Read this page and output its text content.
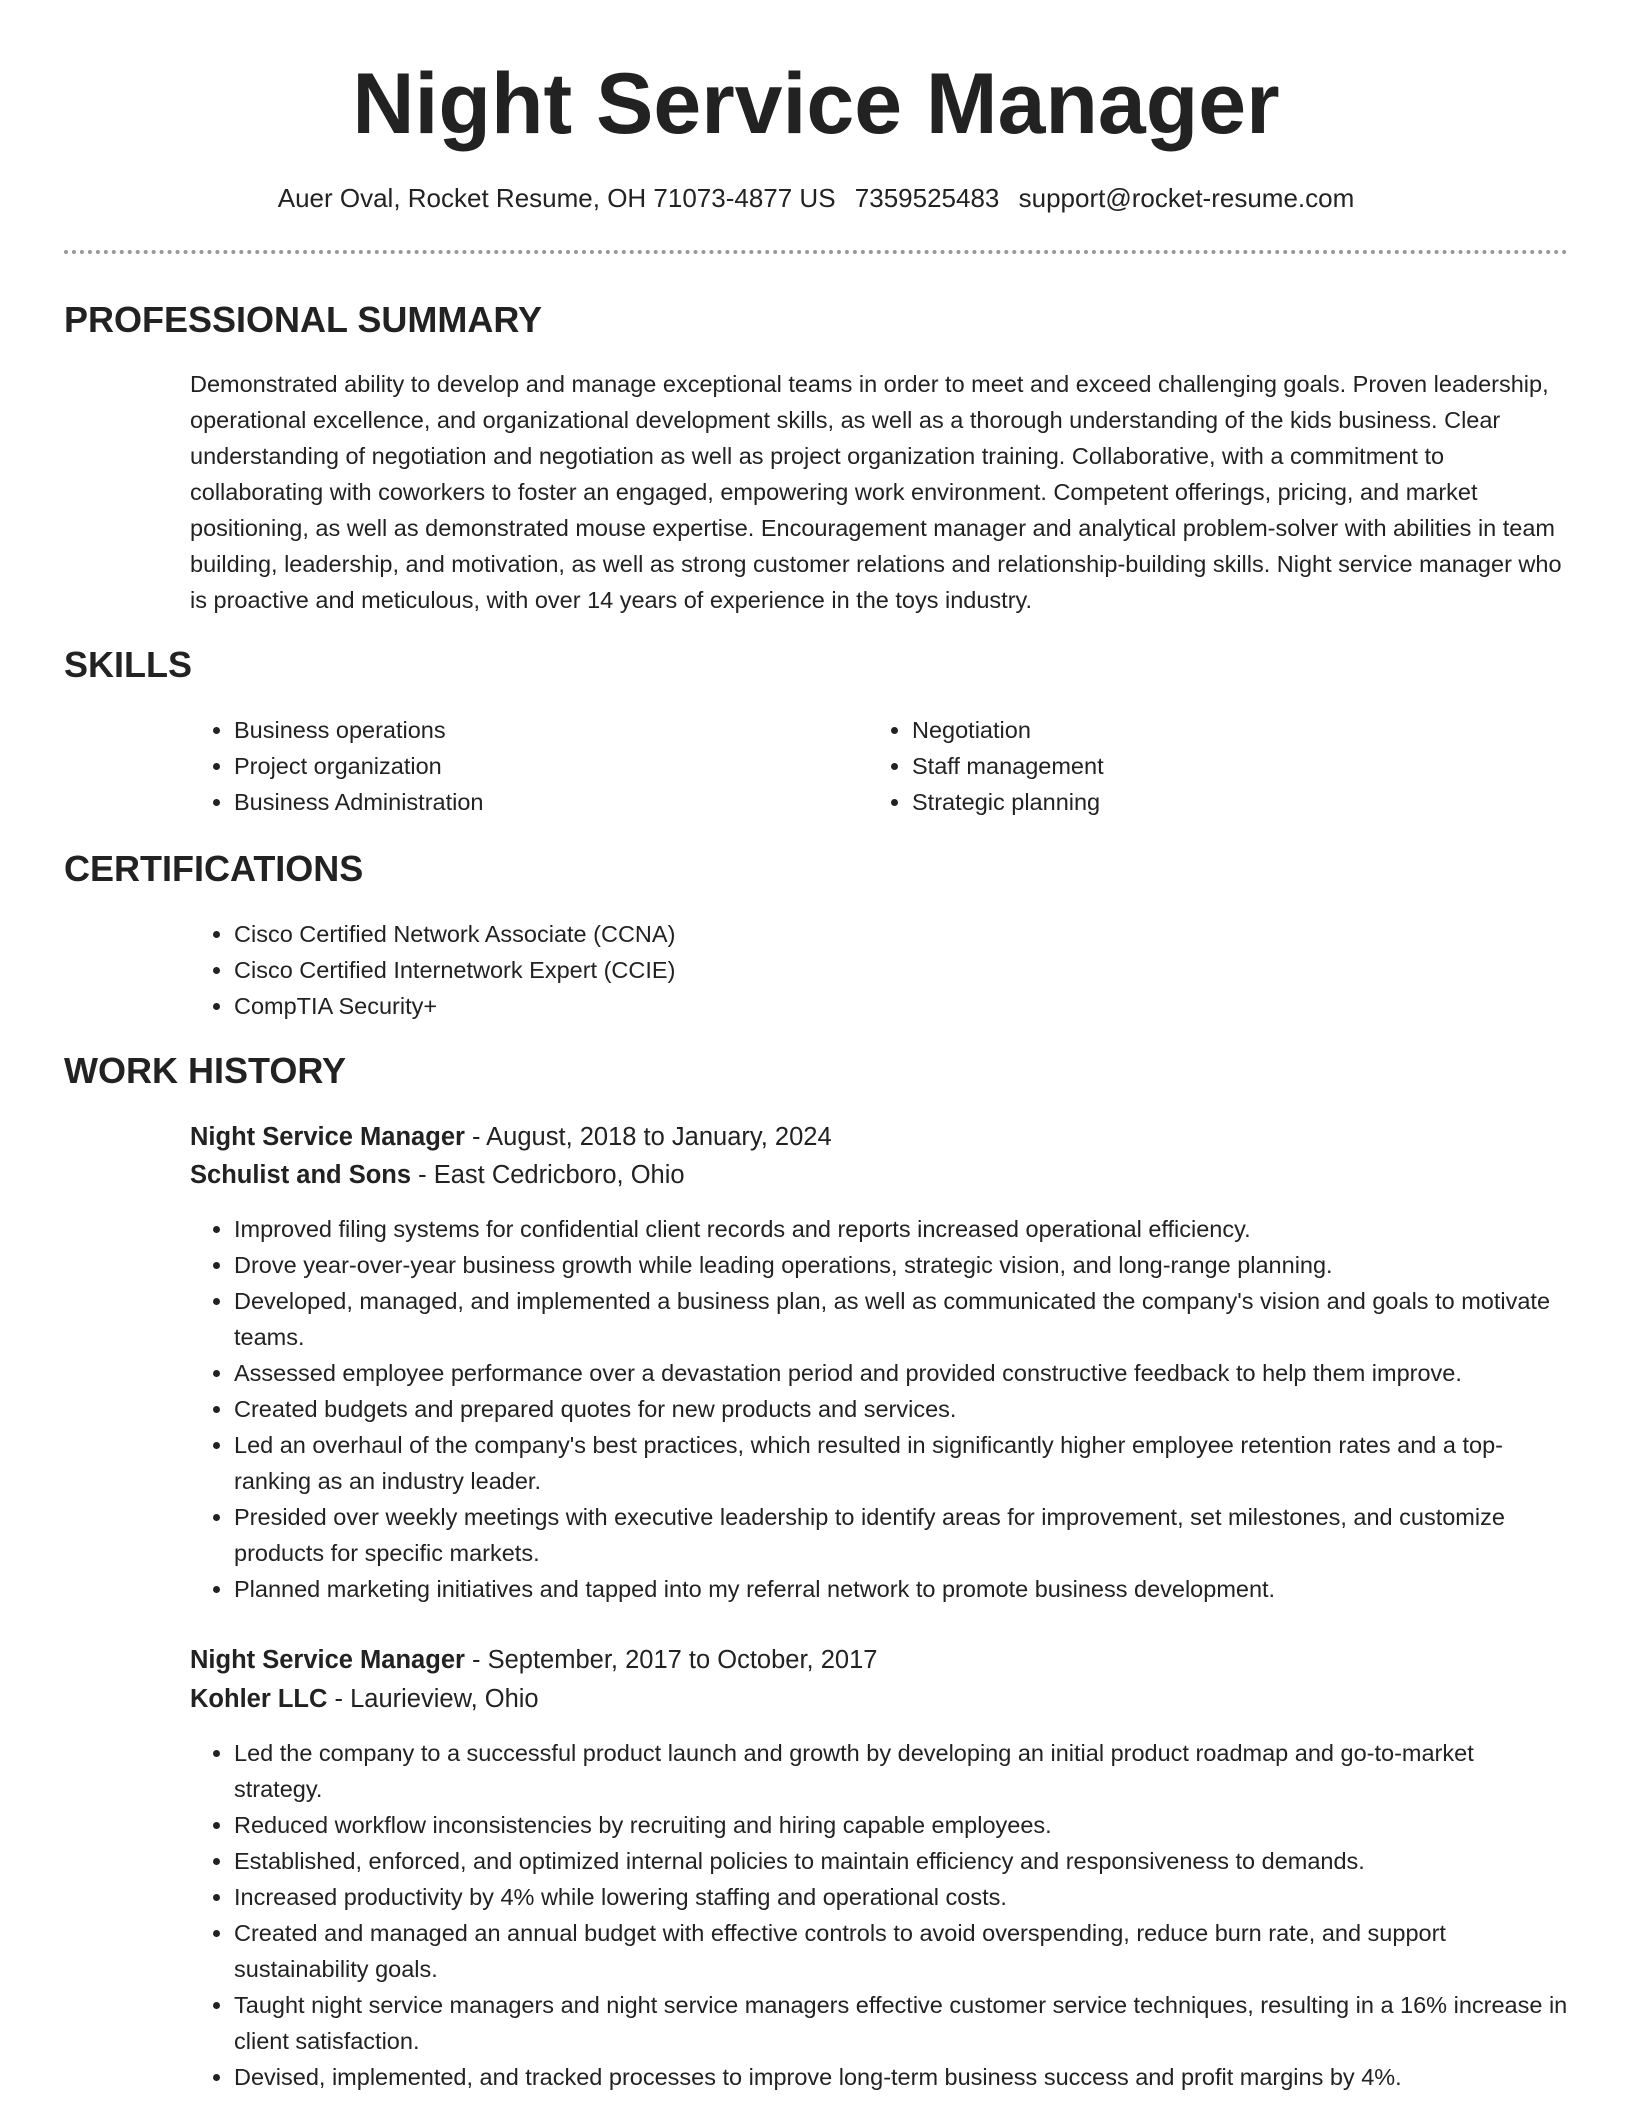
Night Service Manager
Auer Oval, Rocket Resume, OH 71073-4877 US 7359525483 support@rocket-resume.com
PROFESSIONAL SUMMARY

Demonstrated ability to develop and manage exceptional teams in order to meet and exceed challenging goals. Proven leadership, operational excellence, and organizational development skills, as well as a thorough understanding of the kids business. Clear understanding of negotiation and negotiation as well as project organization training. Collaborative, with a commitment to collaborating with coworkers to foster an engaged, empowering work environment. Competent offerings, pricing, and market positioning, as well as demonstrated mouse expertise. Encouragement manager and analytical problem-solver with abilities in team building, leadership, and motivation, as well as strong customer relations and relationship-building skills. Night service manager who is proactive and meticulous, with over 14 years of experience in the toys industry.

SKILLS
• Business operations
• Project organization
• Business Administration
• Negotiation
• Staff management
• Strategic planning
CERTIFICATIONS
• Cisco Certified Network Associate (CCNA)
• Cisco Certified Internetwork Expert (CCIE)
• CompTIA Security+
WORK HISTORY
Night Service Manager - August, 2018 to January, 2024
Schulist and Sons - East Cedricboro, Ohio
• Improved filing systems for confidential client records and reports increased operational efficiency.
• Drove year-over-year business growth while leading operations, strategic vision, and long-range planning.
• Developed, managed, and implemented a business plan, as well as communicated the company's vision and goals to motivate teams.
• Assessed employee performance over a devastation period and provided constructive feedback to help them improve.
• Created budgets and prepared quotes for new products and services.
• Led an overhaul of the company's best practices, which resulted in significantly higher employee retention rates and a top-ranking as an industry leader.
• Presided over weekly meetings with executive leadership to identify areas for improvement, set milestones, and customize products for specific markets.
• Planned marketing initiatives and tapped into my referral network to promote business development.
Night Service Manager - September, 2017 to October, 2017
Kohler LLC - Laurieview, Ohio
• Led the company to a successful product launch and growth by developing an initial product roadmap and go-to-market strategy.
• Reduced workflow inconsistencies by recruiting and hiring capable employees.
• Established, enforced, and optimized internal policies to maintain efficiency and responsiveness to demands.
• Increased productivity by 4% while lowering staffing and operational costs.
• Created and managed an annual budget with effective controls to avoid overspending, reduce burn rate, and support sustainability goals.
• Taught night service managers and night service managers effective customer service techniques, resulting in a 16% increase in client satisfaction.
• Devised, implemented, and tracked processes to improve long-term business success and profit margins by 4%.
